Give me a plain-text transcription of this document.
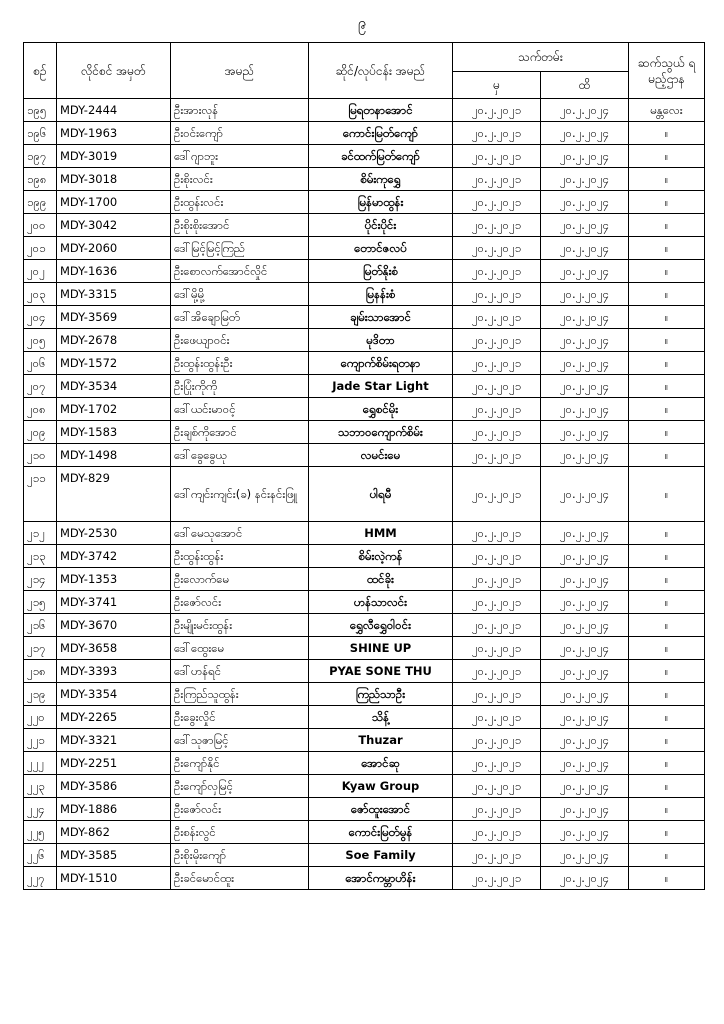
၉
စဉ်	လိုင်စင် အမှတ်	အမည်	ဆိုင်/လုပ်ငန်း အမည်	သက်တမ်း		ဆက်သွယ် ရမည့်ဌာန
				မှ	ထိ	
၁၉၅	MDY-2444	ဦးအားလုန်	မြရတနာအောင်	၂၀.၂.၂၀၂၁	၂၀.၂.၂၀၂၄	မန္တလေး
၁၉၆	MDY-1963	ဦးဝင်းကျော်	ကောင်းမြတ်ကျော်	၂၀.၂.၂၀၂၁	၂၀.၂.၂၀၂၄	။
၁၉၇	MDY-3019	ဒေါ်ဂျာဘူး	ခင်ထက်မြတ်ကျော်	၂၀.၂.၂၀၂၁	၂၀.၂.၂၀၂၄	။
၁၉၈	MDY-3018	ဦးစိုးလင်း	စိမ်းကုရွှေ	၂၀.၂.၂၀၂၁	၂၀.၂.၂၀၂၄	။
၁၉၉	MDY-1700	ဦးထွန်းလင်း	မြန်မာထွန်း	၂၀.၂.၂၀၂၁	၂၀.၂.၂၀၂၄	။
၂၀၀	MDY-3042	ဦးစိုးစိုးအောင်	ပိုင်းပိုင်း	၂၀.၂.၂၀၂၁	၂၀.၂.၂၀၂၄	။
၂၀၁	MDY-2060	ဒေါ်မြင့်မြင့်ကြည်	တောင်ဇလပ်	၂၀.၂.၂၀၂၁	၂၀.၂.၂၀၂၄	။
၂၀၂	MDY-1636	ဦးစောလက်အောင်လှိုင်	မြတ်နိုးစံ	၂၀.၂.၂၀၂၁	၂၀.၂.၂၀၂၄	။
၂၀၃	MDY-3315	ဒေါ်မို့မို့	မြနန်းစံ	၂၀.၂.၂၀၂၁	၂၀.၂.၂၀၂၄	။
၂၀၄	MDY-3569	ဒေါ်အိချောမြတ်	ချမ်းသာအောင်	၂၀.၂.၂၀၂၁	၂၀.၂.၂၀၂၄	။
၂၀၅	MDY-2678	ဦးဖေယျာဝင်း	မုဒိတာ	၂၀.၂.၂၀၂၁	၂၀.၂.၂၀၂၄	။
၂၀၆	MDY-1572	ဦးထွန်းထွန်းဦး	ကျောက်စိမ်းရတနာ	၂၀.၂.၂၀၂၁	၂၀.၂.၂၀၂၄	။
၂၀၇	MDY-3534	ဦးပြုံးကိုကို	Jade Star Light	၂၀.၂.၂၀၂၁	၂၀.၂.၂၀၂၄	။
၂၀၈	MDY-1702	ဒေါ်ယင်းမာဝင့်	ရွှေစင်မိုး	၂၀.၂.၂၀၂၁	၂၀.၂.၂၀၂၄	။
၂၀၉	MDY-1583	ဦးချစ်ကိုအောင်	သဘာဝကျောက်စိမ်း	၂၀.၂.၂၀၂၁	၂၀.၂.၂၀၂၄	။
၂၁၀	MDY-1498	ဒေါ်ခွေခွေယု	လမင်းမေ	၂၀.၂.၂၀၂၁	၂၀.၂.၂၀၂၄	။
၂၁၁	MDY-829	ဒေါ်ကျင်းကျင်း(ခ) နင်းနင်းဖြူ	ပါရမီ	၂၀.၂.၂၀၂၁	၂၀.၂.၂၀၂၄	။
၂၁၂	MDY-2530	ဒေါ်မေသုအောင်	HMM	၂၀.၂.၂၀၂၁	၂၀.၂.၂၀၂၄	။
၂၁၃	MDY-3742	ဦးထွန်းထွန်း	စိမ်းလဲ့ကန်	၂၀.၂.၂၀၂၁	၂၀.၂.၂၀၂၄	။
၂၁၄	MDY-1353	ဦးလောက်မေ	ထင်ခိုး	၂၀.၂.၂၀၂၁	၂၀.၂.၂၀၂၄	။
၂၁၅	MDY-3741	ဦးဇော်လင်း	ဟန်သာလင်း	၂၀.၂.၂၀၂၁	၂၀.၂.၂၀၂၄	။
၂၁၆	MDY-3670	ဦးမျိုးမင်းထွန်း	ရွှေလီရွှေဝါဝင်း	၂၀.၂.၂၀၂၁	၂၀.၂.၂၀၂၄	။
၂၁၇	MDY-3658	ဒေါ်ထွေးမေ	SHINE UP	၂၀.၂.၂၀၂၁	၂၀.၂.၂၀၂၄	။
၂၁၈	MDY-3393	ဒေါ်ဟန်ရင်	PYAE SONE THU	၂၀.၂.၂၀၂၁	၂၀.၂.၂၀၂၄	။
၂၁၉	MDY-3354	ဦးကြည်သူထွန်း	ကြည်သာဦး	၂၀.၂.၂၀၂၁	၂၀.၂.၂၀၂၄	။
၂၂၀	MDY-2265	ဦးခွေးလှိုင်	သိန့်	၂၀.၂.၂၀၂၁	၂၀.၂.၂၀၂၄	။
၂၂၁	MDY-3321	ဒေါ်သုဇာမြင့်	Thuzar	၂၀.၂.၂၀၂၁	၂၀.၂.၂၀၂၄	။
၂၂၂	MDY-2251	ဦးကျော်နိုင်	အောင်ဆု	၂၀.၂.၂၀၂၁	၂၀.၂.၂၀၂၄	။
၂၂၃	MDY-3586	ဦးကျော်လှမြင့်	Kyaw Group	၂၀.၂.၂၀၂၁	၂၀.၂.၂၀၂၄	။
၂၂၄	MDY-1886	ဦးဇော်လင်း	ဇော်ထူးအောင်	၂၀.၂.၂၀၂၁	၂၀.၂.၂၀၂၄	။
၂၂၅	MDY-862	ဦးစန်းလွင်	ကောင်းမြတ်မွန်	၂၀.၂.၂၀၂၁	၂၀.၂.၂၀၂၄	။
၂၂၆	MDY-3585	ဦးစိုးမိုးကျော်	Soe Family	၂၀.၂.၂၀၂၁	၂၀.၂.၂၀၂၄	။
၂၂၇	MDY-1510	ဦးခင်မောင်ထူး	အောင်ကမ္ဘာဟိန်း	၂၀.၂.၂၀၂၁	၂၀.၂.၂၀၂၄	။
